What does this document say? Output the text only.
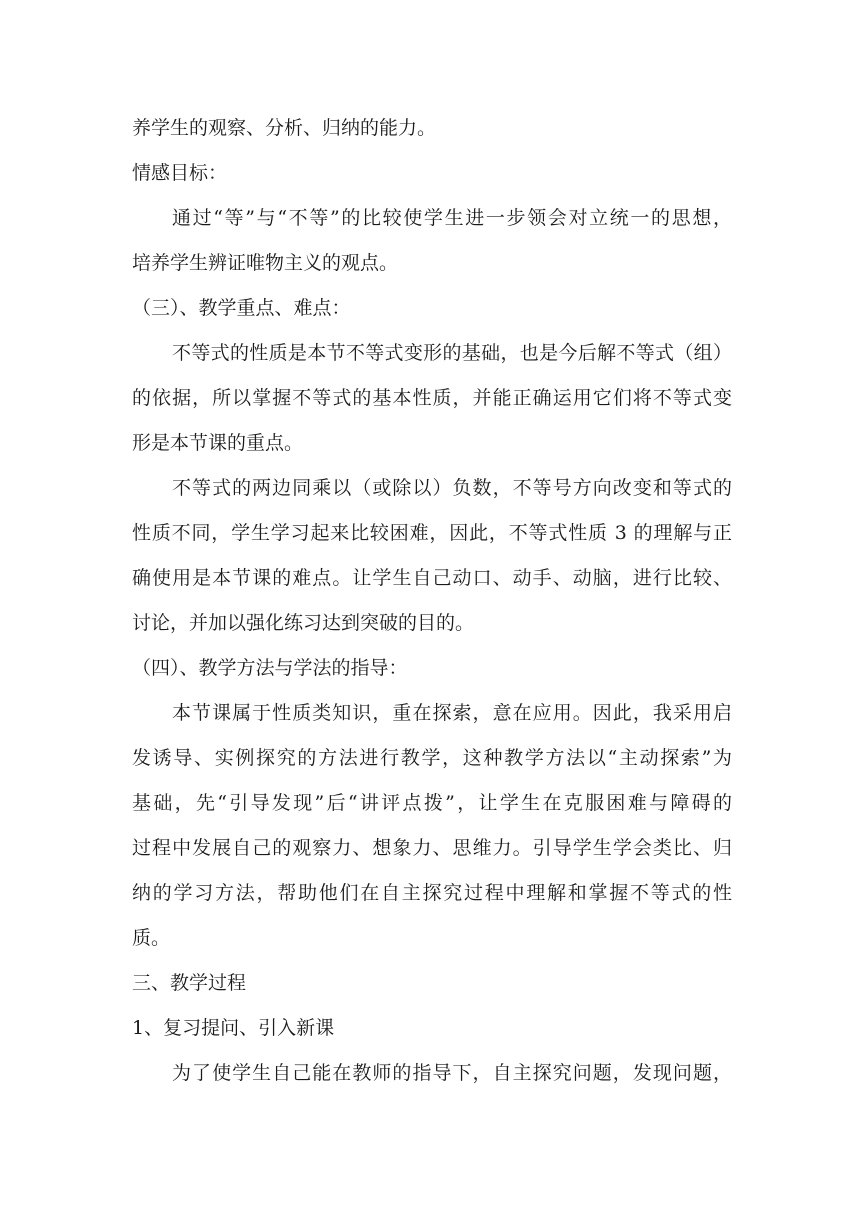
养学生的观察、分析、归纳的能力。
情感目标：
通过“等”与“不等”的比较使学生进一步领会对立统一的思想，
培养学生辨证唯物主义的观点。
（三）、教学重点、难点：
不等式的性质是本节不等式变形的基础，也是今后解不等式（组）
的依据，所以掌握不等式的基本性质，并能正确运用它们将不等式变
形是本节课的重点。
不等式的两边同乘以（或除以）负数，不等号方向改变和等式的
性质不同，学生学习起来比较困难，因此，不等式性质 3 的理解与正
确使用是本节课的难点。让学生自己动口、动手、动脑，进行比较、
讨论，并加以强化练习达到突破的目的。
（四）、教学方法与学法的指导：
本节课属于性质类知识，重在探索，意在应用。因此，我采用启
发诱导、实例探究的方法进行教学，这种教学方法以“主动探索”为
基础，先“引导发现”后“讲评点拨”，让学生在克服困难与障碍的
过程中发展自己的观察力、想象力、思维力。引导学生学会类比、归
纳的学习方法，帮助他们在自主探究过程中理解和掌握不等式的性
质。
三、教学过程
1、复习提问、引入新课
为了使学生自己能在教师的指导下，自主探究问题，发现问题，
